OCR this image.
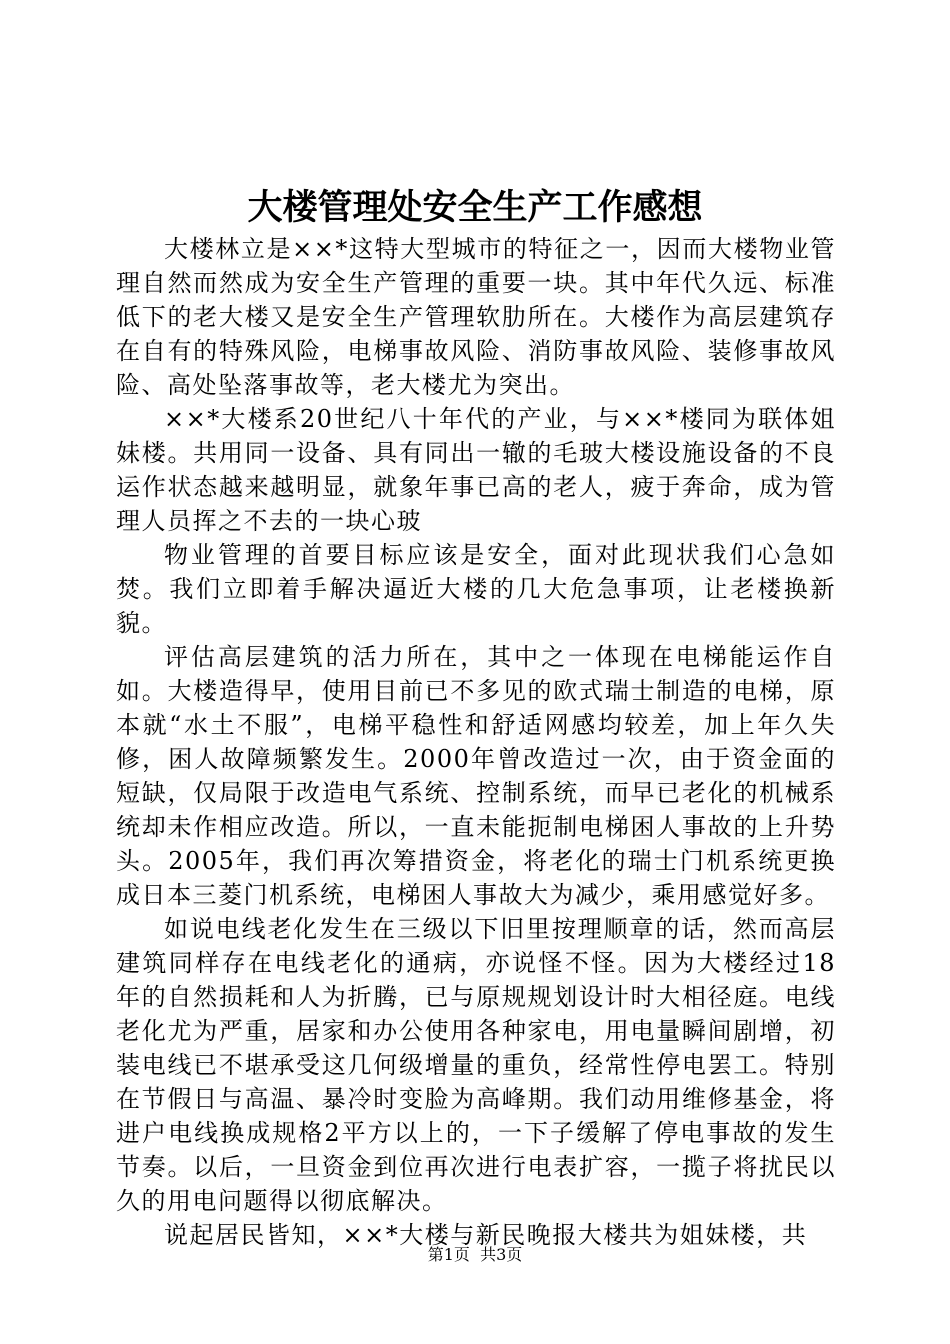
大楼管理处安全生产工作感想

大楼林立是××*这特大型城市的特征之一，因而大楼物业管理自然而然成为安全生产管理的重要一块。其中年代久远、标准低下的老大楼又是安全生产管理软肋所在。大楼作为高层建筑存在自有的特殊风险，电梯事故风险、消防事故风险、装修事故风险、高处坠落事故等，老大楼尤为突出。

××*大楼系20世纪八十年代的产业，与××*楼同为联体姐妹楼。共用同一设备、具有同出一辙的毛玻大楼设施设备的不良运作状态越来越明显，就象年事已高的老人，疲于奔命，成为管理人员挥之不去的一块心玻

物业管理的首要目标应该是安全，面对此现状我们心急如焚。我们立即着手解决逼近大楼的几大危急事项，让老楼换新貌。

评估高层建筑的活力所在，其中之一体现在电梯能运作自如。大楼造得早，使用目前已不多见的欧式瑞士制造的电梯，原本就“水土不服”，电梯平稳性和舒适网感均较差，加上年久失修，困人故障频繁发生。2000年曾改造过一次，由于资金面的短缺，仅局限于改造电气系统、控制系统，而早已老化的机械系统却未作相应改造。所以，一直未能扼制电梯困人事故的上升势头。2005年，我们再次筹措资金，将老化的瑞士门机系统更换成日本三菱门机系统，电梯困人事故大为减少，乘用感觉好多。

如说电线老化发生在三级以下旧里按理顺章的话，然而高层建筑同样存在电线老化的通病，亦说怪不怪。因为大楼经过18年的自然损耗和人为折腾，已与原规规划设计时大相径庭。电线老化尤为严重，居家和办公使用各种家电，用电量瞬间剧增，初装电线已不堪承受这几何级增量的重负，经常性停电罢工。特别在节假日与高温、暴冷时变脸为高峰期。我们动用维修基金，将进户电线换成规格2平方以上的，一下子缓解了停电事故的发生节奏。以后，一旦资金到位再次进行电表扩容，一揽子将扰民以久的用电问题得以彻底解决。

说起居民皆知，××*大楼与新民晚报大楼共为姐妹楼，共

第1页 共3页
